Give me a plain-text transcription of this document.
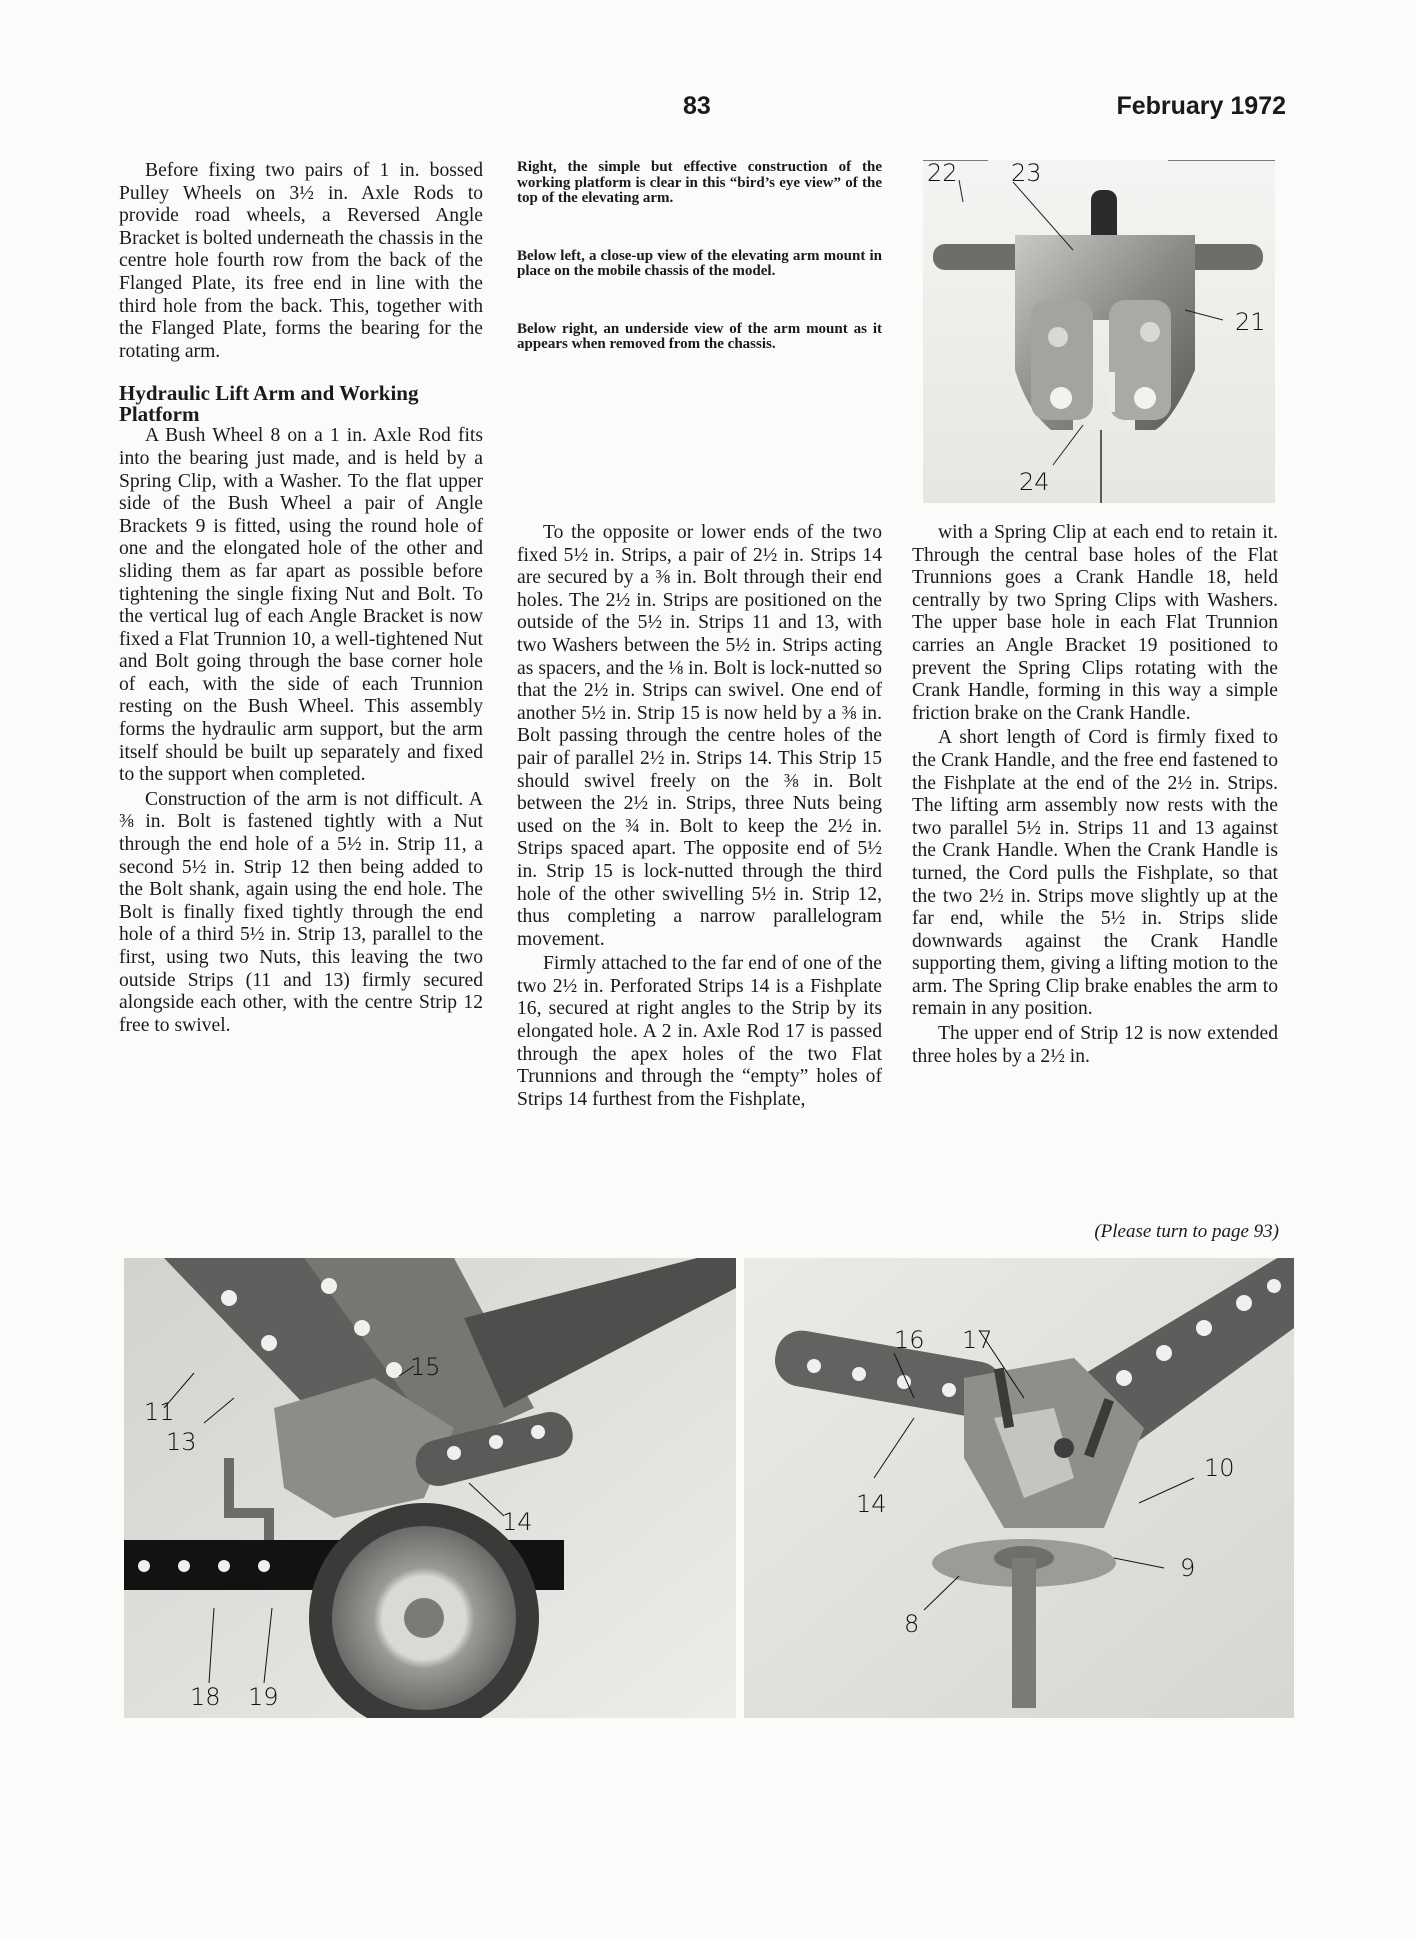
83	February 1972

Before fixing two pairs of 1 in. bossed Pulley Wheels on 3½ in. Axle Rods to provide road wheels, a Reversed Angle Bracket is bolted underneath the chassis in the centre hole fourth row from the back of the Flanged Plate, its free end in line with the third hole from the back. This, together with the Flanged Plate, forms the bearing for the rotating arm.

Hydraulic Lift Arm and Working Platform

A Bush Wheel 8 on a 1 in. Axle Rod fits into the bearing just made, and is held by a Spring Clip, with a Washer. To the flat upper side of the Bush Wheel a pair of Angle Brackets 9 is fitted, using the round hole of one and the elongated hole of the other and sliding them as far apart as possible before tightening the single fixing Nut and Bolt. To the vertical lug of each Angle Bracket is now fixed a Flat Trunnion 10, a well-tightened Nut and Bolt going through the base corner hole of each, with the side of each Trunnion resting on the Bush Wheel. This assembly forms the hydraulic arm support, but the arm itself should be built up separately and fixed to the support when completed.

Construction of the arm is not difficult. A ⅜ in. Bolt is fastened tightly with a Nut through the end hole of a 5½ in. Strip 11, a second 5½ in. Strip 12 then being added to the Bolt shank, again using the end hole. The Bolt is finally fixed tightly through the end hole of a third 5½ in. Strip 13, parallel to the first, using two Nuts, this leaving the two outside Strips (11 and 13) firmly secured alongside each other, with the centre Strip 12 free to swivel.

Right, the simple but effective construction of the working platform is clear in this “bird’s eye view” of the top of the elevating arm.

Below left, a close-up view of the elevating arm mount in place on the mobile chassis of the model.

Below right, an underside view of the arm mount as it appears when removed from the chassis.

To the opposite or lower ends of the two fixed 5½ in. Strips, a pair of 2½ in. Strips 14 are secured by a ⅜ in. Bolt through their end holes. The 2½ in. Strips are positioned on the outside of the 5½ in. Strips 11 and 13, with two Washers between the 5½ in. Strips acting as spacers, and the ⅛ in. Bolt is lock-nutted so that the 2½ in. Strips can swivel. One end of another 5½ in. Strip 15 is now held by a ⅜ in. Bolt passing through the centre holes of the pair of parallel 2½ in. Strips 14. This Strip 15 should swivel freely on the ⅜ in. Bolt between the 2½ in. Strips, three Nuts being used on the ¾ in. Bolt to keep the 2½ in. Strips spaced apart. The opposite end of 5½ in. Strip 15 is lock-nutted through the third hole of the other swivelling 5½ in. Strip 12, thus completing a narrow parallelogram movement.

Firmly attached to the far end of one of the two 2½ in. Perforated Strips 14 is a Fishplate 16, secured at right angles to the Strip by its elongated hole. A 2 in. Axle Rod 17 is passed through the apex holes of the two Flat Trunnions and through the “empty” holes of Strips 14 furthest from the Fishplate,

with a Spring Clip at each end to retain it. Through the central base holes of the Flat Trunnions goes a Crank Handle 18, held centrally by two Spring Clips with Washers. The upper base hole in each Flat Trunnion carries an Angle Bracket 19 positioned to prevent the Spring Clips rotating with the Crank Handle, forming in this way a simple friction brake on the Crank Handle.

A short length of Cord is firmly fixed to the Crank Handle, and the free end fastened to the Fishplate at the end of the 2½ in. Strips. The lifting arm assembly now rests with the two parallel 5½ in. Strips 11 and 13 against the Crank Handle. When the Crank Handle is turned, the Cord pulls the Fishplate, so that the two 2½ in. Strips move slightly up at the far end, while the 5½ in. Strips slide downwards against the Crank Handle supporting them, giving a lifting motion to the arm. The Spring Clip brake enables the arm to remain in any position.

The upper end of Strip 12 is now extended three holes by a 2½ in.

(Please turn to page 93)
22 23
21
24
11
13
15
14
18 19
16 17
10
14
9
8
